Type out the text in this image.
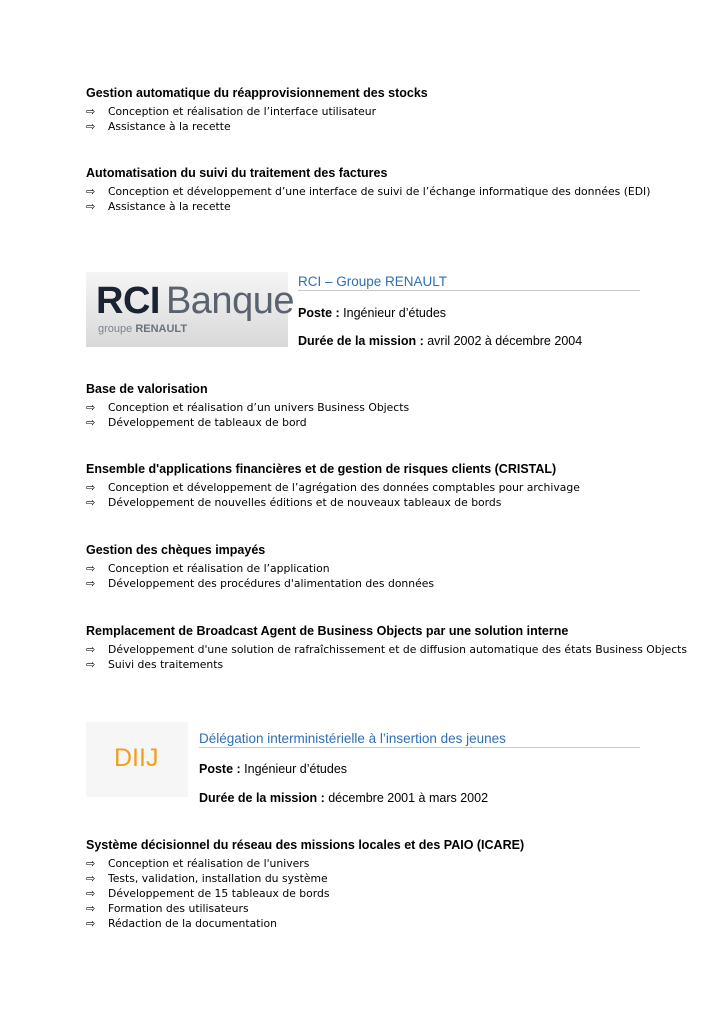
Gestion automatique du réapprovisionnement des stocks
⇨ Conception et réalisation de l’interface utilisateur
⇨ Assistance à la recette
Automatisation du suivi du traitement des factures
⇨ Conception et développement d’une interface de suivi de l’échange informatique des données (EDI)
⇨ Assistance à la recette
RCI Banque
groupe RENAULT
RCI – Groupe RENAULT
Poste : Ingénieur d’études
Durée de la mission : avril 2002 à décembre 2004
Base de valorisation
⇨ Conception et réalisation d’un univers Business Objects
⇨ Développement de tableaux de bord
Ensemble d'applications financières et de gestion de risques clients (CRISTAL)
⇨ Conception et développement de l’agrégation des données comptables pour archivage
⇨ Développement de nouvelles éditions et de nouveaux tableaux de bords
Gestion des chèques impayés
⇨ Conception et réalisation de l’application
⇨ Développement des procédures d'alimentation des données
Remplacement de Broadcast Agent de Business Objects par une solution interne
⇨ Développement d'une solution de rafraîchissement et de diffusion automatique des états Business Objects
⇨ Suivi des traitements
DIIJ
Délégation interministérielle à l’insertion des jeunes
Poste : Ingénieur d’études
Durée de la mission : décembre 2001 à mars 2002
Système décisionnel du réseau des missions locales et des PAIO (ICARE)
⇨ Conception et réalisation de l'univers
⇨ Tests, validation, installation du système
⇨ Développement de 15 tableaux de bords
⇨ Formation des utilisateurs
⇨ Rédaction de la documentation
